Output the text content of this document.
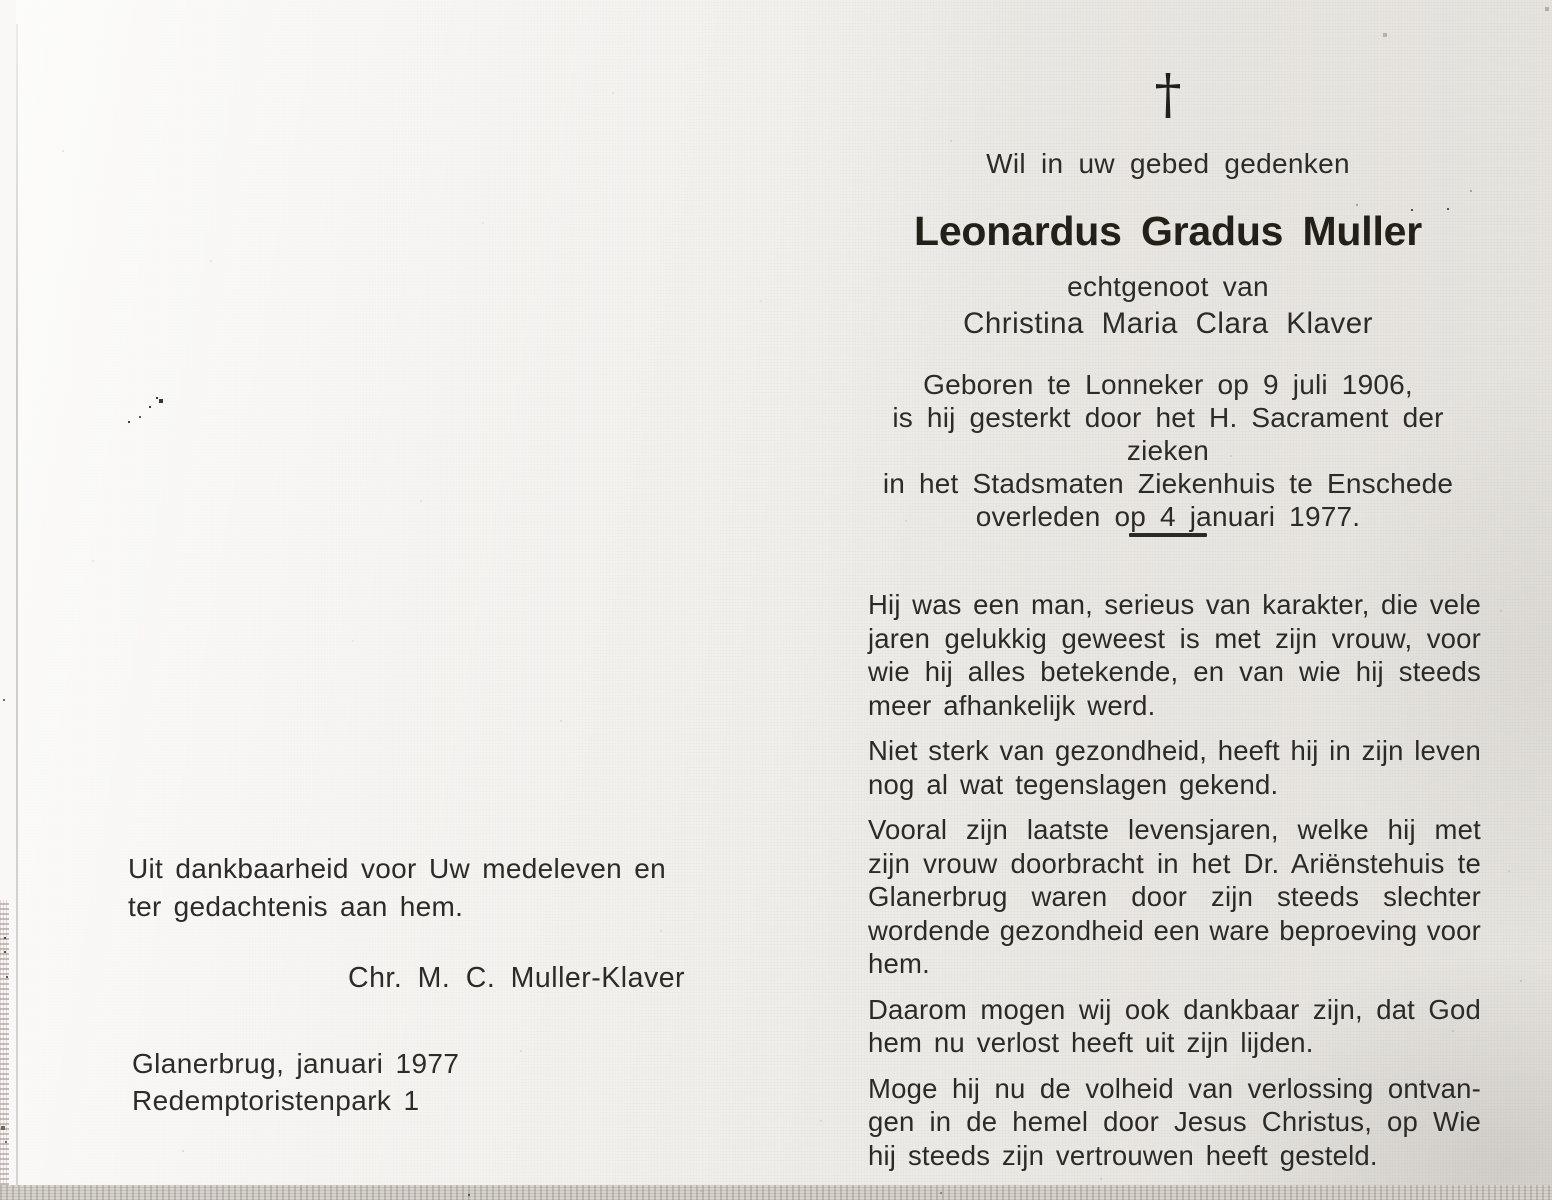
Uit dankbaarheid voor Uw medeleven en
ter gedachtenis aan hem.
Chr. M. C. Muller-Klaver
Glanerbrug, januari 1977
Redemptoristenpark 1
†
Wil in uw gebed gedenken
Leonardus Gradus Muller
echtgenoot van
Christina Maria Clara Klaver
Geboren te Lonneker op 9 juli 1906,
is hij gesterkt door het H. Sacrament der zieken
in het Stadsmaten Ziekenhuis te Enschede
overleden op 4 januari 1977.
Hij was een man, serieus van karakter, die vele
jaren gelukkig geweest is met zijn vrouw, voor
wie hij alles betekende, en van wie hij steeds
meer afhankelijk werd.
Niet sterk van gezondheid, heeft hij in zijn leven
nog al wat tegenslagen gekend.
Vooral zijn laatste levensjaren, welke hij met
zijn vrouw doorbracht in het Dr. Ariënstehuis te
Glanerbrug waren door zijn steeds slechter
wordende gezondheid een ware beproeving voor
hem.
Daarom mogen wij ook dankbaar zijn, dat God
hem nu verlost heeft uit zijn lijden.
Moge hij nu de volheid van verlossing ontvan-
gen in de hemel door Jesus Christus, op Wie
hij steeds zijn vertrouwen heeft gesteld.
